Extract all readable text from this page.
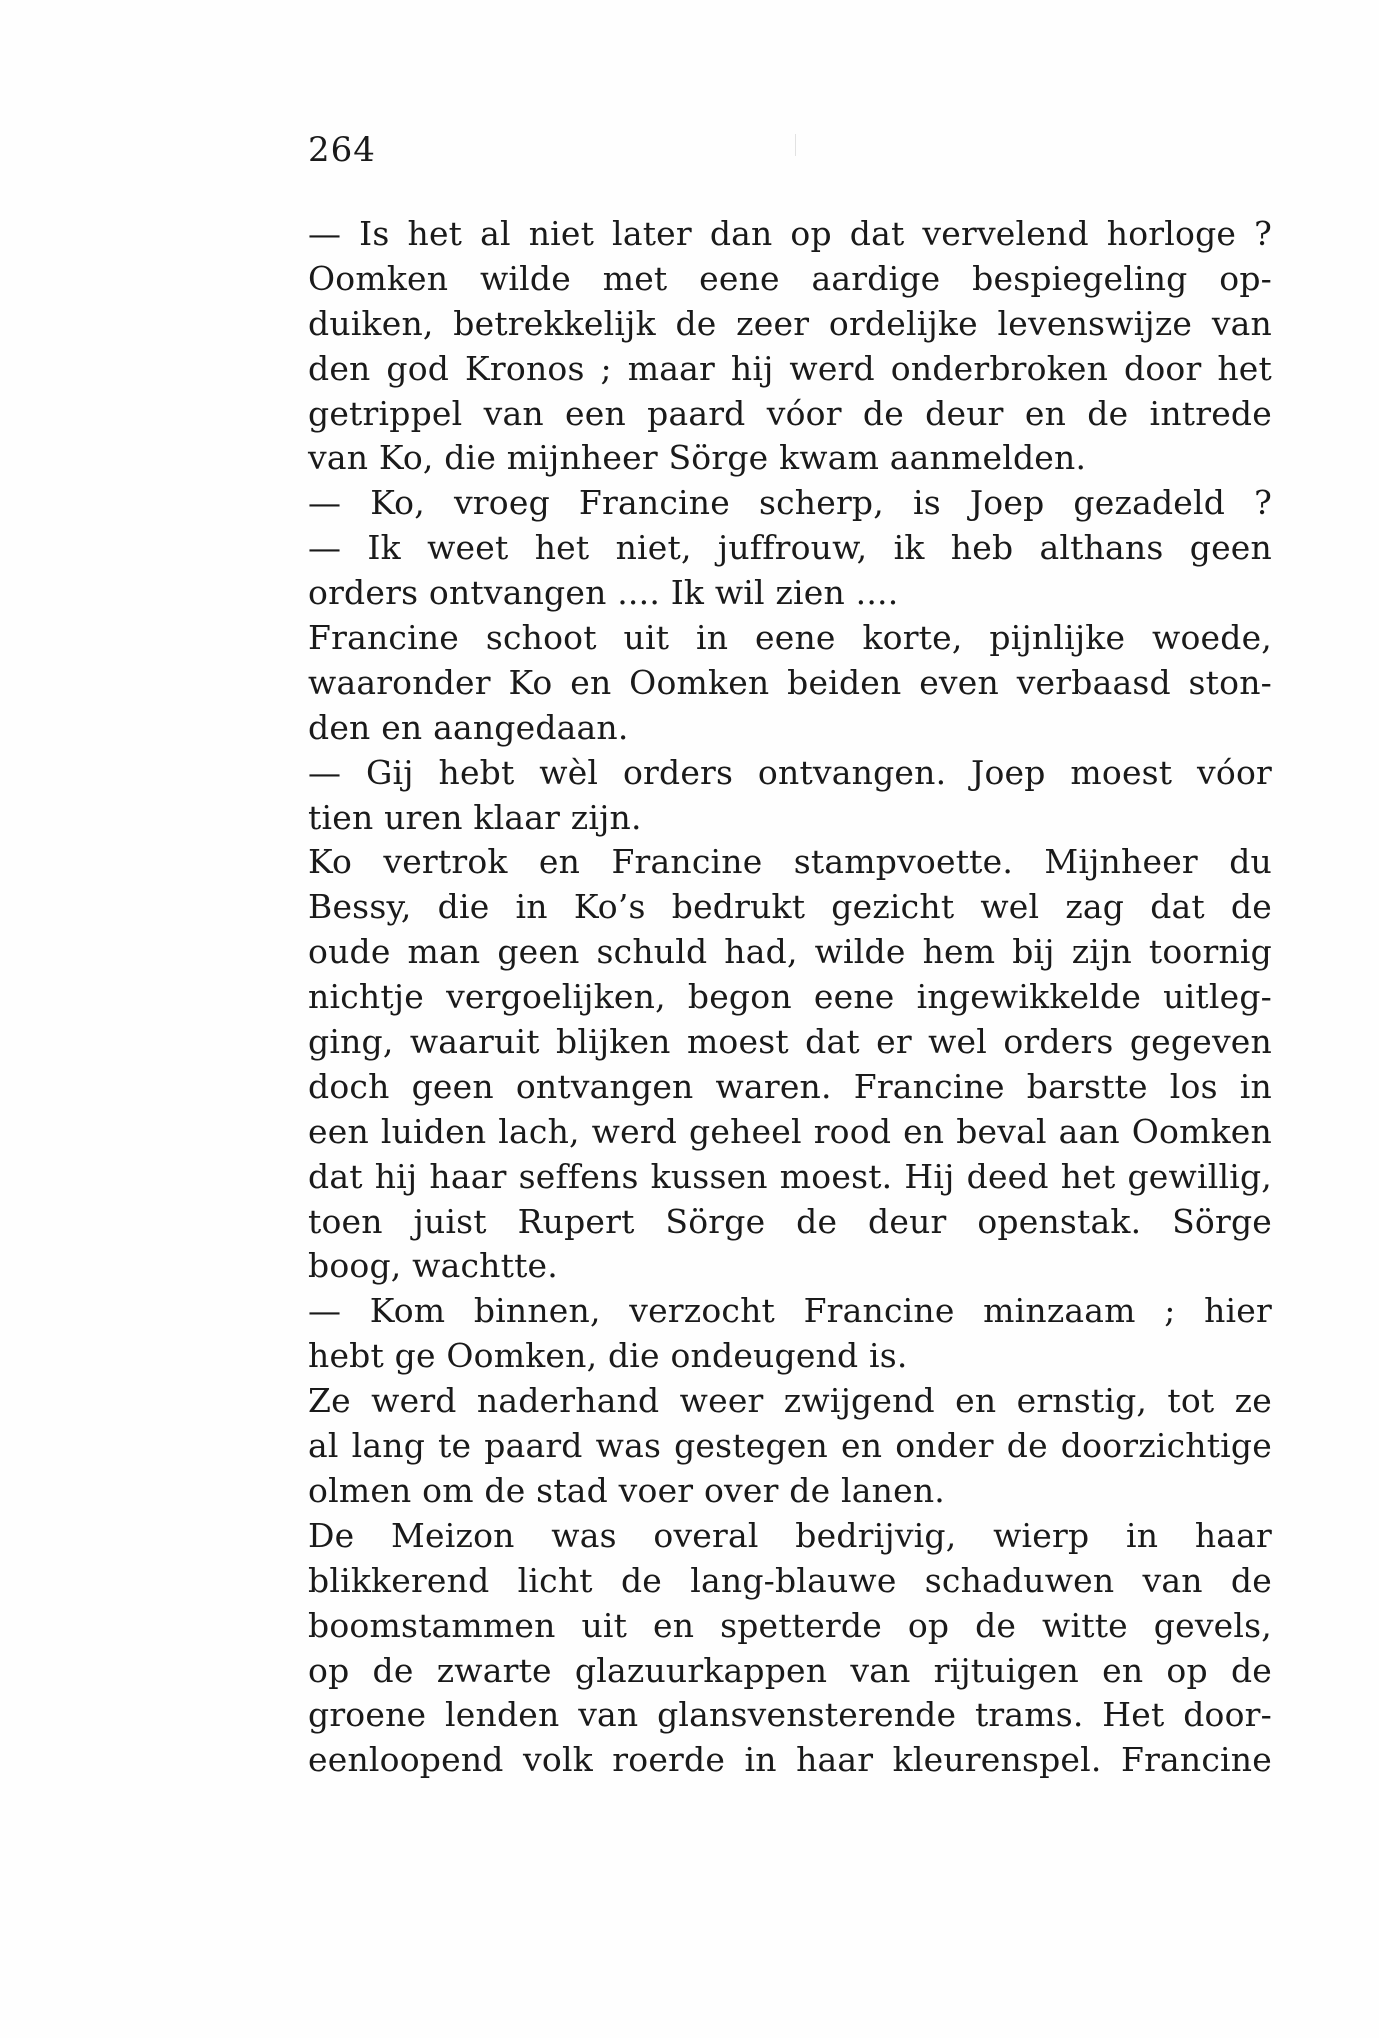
264
— Is het al niet later dan op dat vervelend horloge ?
Oomken wilde met eene aardige bespiegeling op-
duiken, betrekkelijk de zeer ordelijke levenswijze van
den god Kronos ; maar hij werd onderbroken door het
getrippel van een paard vóor de deur en de intrede
van Ko, die mijnheer Sörge kwam aanmelden.
— Ko, vroeg Francine scherp, is Joep gezadeld ?
— Ik weet het niet, juffrouw, ik heb althans geen
orders ontvangen .... Ik wil zien ....
Francine schoot uit in eene korte, pijnlijke woede,
waaronder Ko en Oomken beiden even verbaasd ston-
den en aangedaan.
— Gij hebt wèl orders ontvangen. Joep moest vóor
tien uren klaar zijn.
Ko vertrok en Francine stampvoette. Mijnheer du
Bessy, die in Ko’s bedrukt gezicht wel zag dat de
oude man geen schuld had, wilde hem bij zijn toornig
nichtje vergoelijken, begon eene ingewikkelde uitleg-
ging, waaruit blijken moest dat er wel orders gegeven
doch geen ontvangen waren. Francine barstte los in
een luiden lach, werd geheel rood en beval aan Oomken
dat hij haar seffens kussen moest. Hij deed het gewillig,
toen juist Rupert Sörge de deur openstak. Sörge
boog, wachtte.
— Kom binnen, verzocht Francine minzaam ; hier
hebt ge Oomken, die ondeugend is.
Ze werd naderhand weer zwijgend en ernstig, tot ze
al lang te paard was gestegen en onder de doorzichtige
olmen om de stad voer over de lanen.
De Meizon was overal bedrijvig, wierp in haar
blikkerend licht de lang-blauwe schaduwen van de
boomstammen uit en spetterde op de witte gevels,
op de zwarte glazuurkappen van rijtuigen en op de
groene lenden van glansvensterende trams. Het door-
eenloopend volk roerde in haar kleurenspel. Francine
